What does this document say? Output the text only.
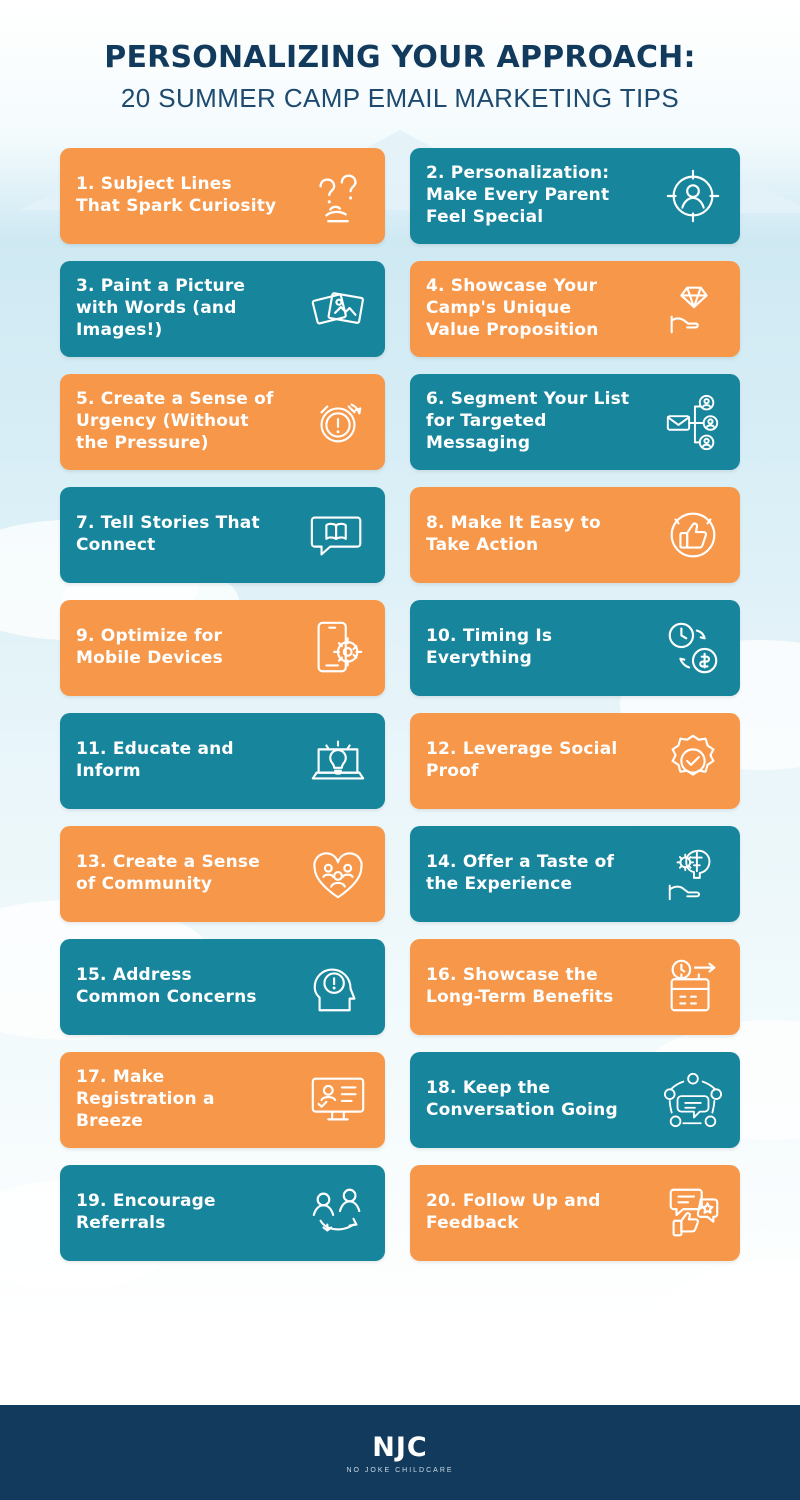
PERSONALIZING YOUR APPROACH:
20 SUMMER CAMP EMAIL MARKETING TIPS
1. Subject Lines That Spark Curiosity
2. Personalization: Make Every Parent Feel Special
3. Paint a Picture with Words (and Images!)
4. Showcase Your Camp's Unique Value Proposition
5. Create a Sense of Urgency (Without the Pressure)
6. Segment Your List for Targeted Messaging
7. Tell Stories That Connect
8. Make It Easy to Take Action
9. Optimize for Mobile Devices
10. Timing Is Everything
11. Educate and Inform
12. Leverage Social Proof
13. Create a Sense of Community
14. Offer a Taste of the Experience
15. Address Common Concerns
16. Showcase the Long-Term Benefits
17. Make Registration a Breeze
18. Keep the Conversation Going
19. Encourage Referrals
20. Follow Up and Feedback
NJC
NO JOKE CHILDCARE
